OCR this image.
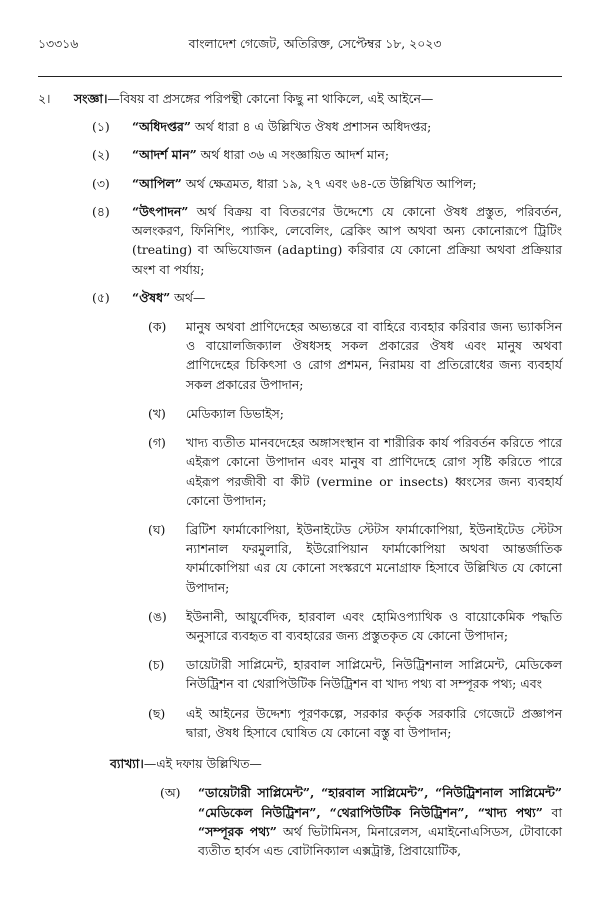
১৩৩১৬	বাংলাদেশ গেজেট, অতিরিক্ত, সেপ্টেম্বর ১৮, ২০২৩
২। সংজ্ঞা।—বিষয় বা প্রসঙ্গের পরিপন্থী কোনো কিছু না থাকিলে, এই আইনে—
(১)	“অধিদপ্তর” অর্থ ধারা ৪ এ উল্লিখিত ঔষধ প্রশাসন অধিদপ্তর;
(২)	“আদর্শ মান” অর্থ ধারা ৩৬ এ সংজ্ঞায়িত আদর্শ মান;
(৩)	“আপিল” অর্থ ক্ষেত্রমত, ধারা ১৯, ২৭ এবং ৬৪-তে উল্লিখিত আপিল;
(৪)	“উৎপাদন” অর্থ বিক্রয় বা বিতরণের উদ্দেশ্যে যে কোনো ঔষধ প্রস্তুত, পরিবর্তন, অলংকরণ, ফিনিশিং, প্যাকিং, লেবেলিং, ব্রেকিং আপ অথবা অন্য কোনোরূপে ট্রিটিং (treating) বা অভিযোজন (adapting) করিবার যে কোনো প্রক্রিয়া অথবা প্রক্রিয়ার অংশ বা পর্যায়;
(৫)	“ঔষধ” অর্থ—
(ক)	মানুষ অথবা প্রাণিদেহের অভ্যন্তরে বা বাহিরে ব্যবহার করিবার জন্য ভ্যাকসিন ও বায়োলজিক্যাল ঔষধসহ সকল প্রকারের ঔষধ এবং মানুষ অথবা প্রাণিদেহের চিকিৎসা ও রোগ প্রশমন, নিরাময় বা প্রতিরোধের জন্য ব্যবহার্য সকল প্রকারের উপাদান;
(খ)	মেডিক্যাল ডিভাইস;
(গ)	খাদ্য ব্যতীত মানবদেহের অঙ্গাসংস্থান বা শারীরিক কার্য পরিবর্তন করিতে পারে এইরূপ কোনো উপাদান এবং মানুষ বা প্রাণিদেহে রোগ সৃষ্টি করিতে পারে এইরূপ পরজীবী বা কীট (vermine or insects) ধ্বংসের জন্য ব্যবহার্য কোনো উপাদান;
(ঘ)	ব্রিটিশ ফার্মাকোপিয়া, ইউনাইটেড স্টেটস ফার্মাকোপিয়া, ইউনাইটেড স্টেটস ন্যাশনাল ফরমুলারি, ইউরোপিয়ান ফার্মাকোপিয়া অথবা আন্তর্জাতিক ফার্মাকোপিয়া এর যে কোনো সংস্করণে মনোগ্রাফ হিসাবে উল্লিখিত যে কোনো উপাদান;
(ঙ)	ইউনানী, আয়ুর্বেদিক, হারবাল এবং হোমিওপ্যাথিক ও বায়োকেমিক পদ্ধতি অনুসারে ব্যবহৃত বা ব্যবহারের জন্য প্রস্তুতকৃত যে কোনো উপাদান;
(চ)	ডায়েটারী সাপ্লিমেন্ট, হারবাল সাপ্লিমেন্ট, নিউট্রিশনাল সাপ্লিমেন্ট, মেডিকেল নিউট্রিশন বা থেরাপিউটিক নিউট্রিশন বা খাদ্য পথ্য বা সম্পূরক পথ্য; এবং
(ছ)	এই আইনের উদ্দেশ্য পূরণকল্পে, সরকার কর্তৃক সরকারি গেজেটে প্রজ্ঞাপন দ্বারা, ঔষধ হিসাবে ঘোষিত যে কোনো বস্তু বা উপাদান;
ব্যাখ্যা।—এই দফায় উল্লিখিত—
(অ)	“ডায়েটারী সাপ্লিমেন্ট”, “হারবাল সাপ্লিমেন্ট”, “নিউট্রিশনাল সাপ্লিমেন্ট” “মেডিকেল নিউট্রিশন”, “থেরাপিউটিক নিউট্রিশন”, “খাদ্য পথ্য” বা “সম্পূরক পথ্য” অর্থ ভিটামিনস, মিনারেলস, এমাইনোএসিডস, টোবাকো ব্যতীত হার্বস এন্ড বোটানিক্যাল এক্সট্রাক্ট, প্রিবায়োটিক,
